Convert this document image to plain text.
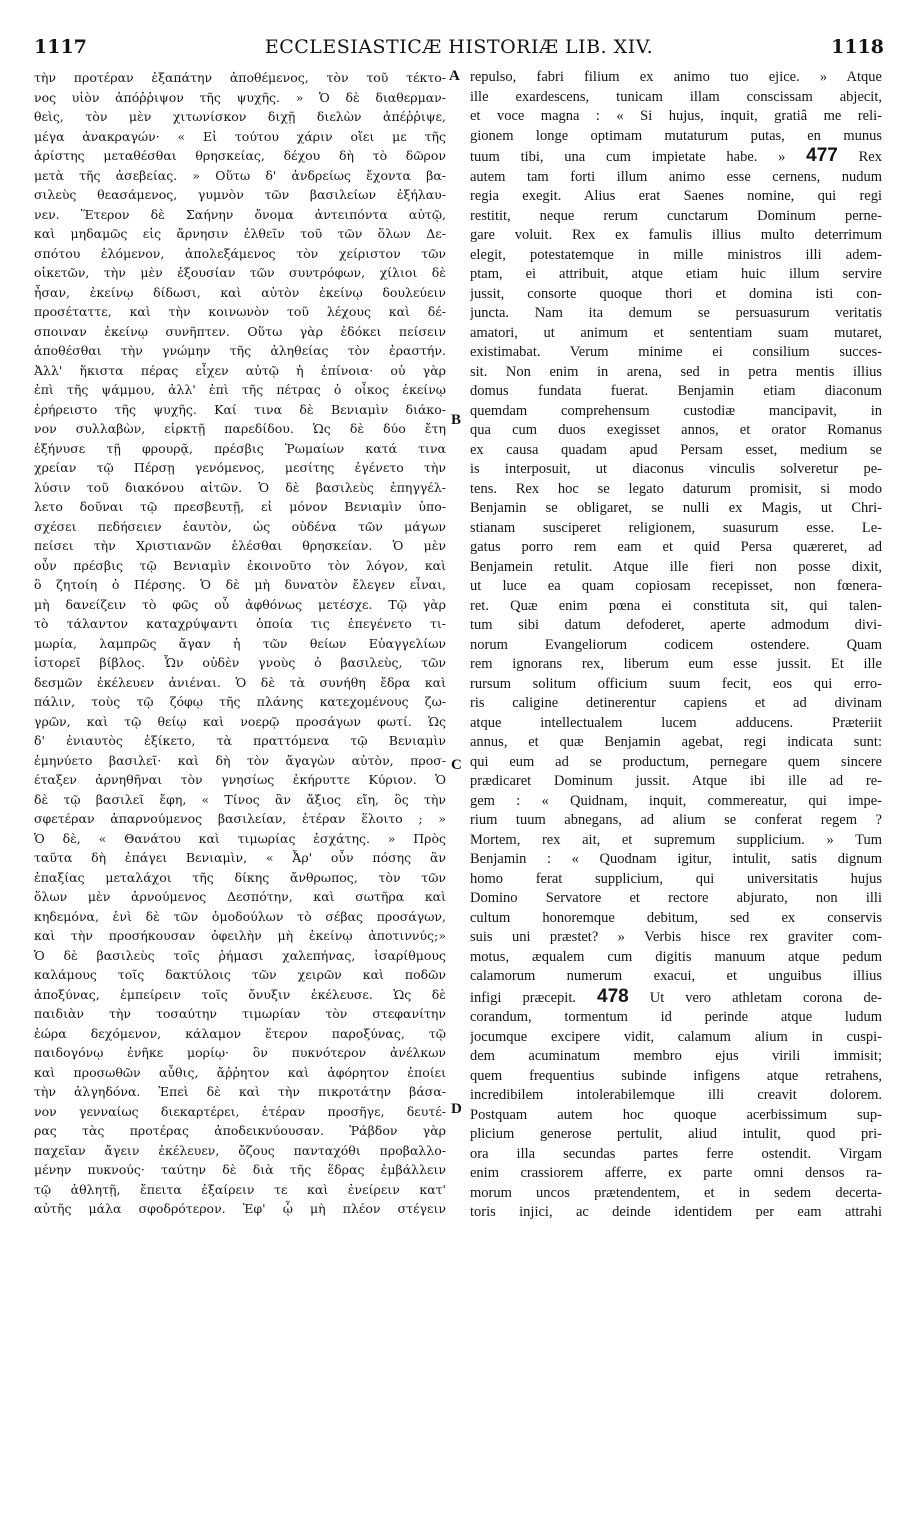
1117	ECCLESIASTICÆ HISTORIÆ LIB. XIV.	1118
τὴν προτέραν ἐξαπάτην ἀποθέμενος, τὸν τοῦ τέκτο-
νος υἱὸν ἀπόῤῥιψον τῆς ψυχῆς. » Ὁ δὲ διαθερμαν-
θεὶς, τὸν μὲν χιτωνίσκον διχῇ διελὼν ἀπέῤῥιψε,
μέγα ἀνακραγών· « Εἰ τούτου χάριν οἴει με τῆς
ἀρίστης μεταθέσθαι θρησκείας, δέχου δὴ τὸ δῶρον
μετὰ τῆς ἀσεβείας. » Οὕτω δ' ἀνδρείως ἔχοντα βα-
σιλεὺς θεασάμενος, γυμνὸν τῶν βασιλείων ἐξήλαυ-
νεν. Ἕτερον δὲ Σαήνην ὄνομα ἀντειπόντα αὐτῷ,
καὶ μηδαμῶς εἰς ἄρνησιν ἐλθεῖν τοῦ τῶν ὅλων Δε-
σπότου ἑλόμενον, ἀπολεξάμενος τὸν χείριστον τῶν
οἰκετῶν, τὴν μὲν ἐξουσίαν τῶν συντρόφων, χίλιοι δὲ
ἦσαν, ἐκείνῳ δίδωσι, καὶ αὐτὸν ἐκείνῳ δουλεύειν
προσέταττε, καὶ τὴν κοινωνὸν τοῦ λέχους καὶ δέ-
σποιναν ἐκείνῳ συνῆπτεν. Οὕτω γὰρ ἐδόκει πείσειν
ἀποθέσθαι τὴν γνώμην τῆς ἀληθείας τὸν ἐραστήν.
Ἀλλ' ἥκιστα πέρας εἶχεν αὐτῷ ἡ ἐπίνοια· οὐ γὰρ
ἐπὶ τῆς ψάμμου, ἀλλ' ἐπὶ τῆς πέτρας ὁ οἶκος ἐκείνῳ
ἐρήρειστο τῆς ψυχῆς. Καί τινα δὲ Βενιαμὶν διάκο-
νον συλλαβὼν, εἱρκτῇ παρεδίδου. Ὡς δὲ δύο ἔτη
ἐξήνυσε τῇ φρουρᾷ, πρέσβις Ῥωμαίων κατά τινα
χρείαν τῷ Πέρσῃ γενόμενος, μεσίτης ἐγένετο τὴν
λύσιν τοῦ διακόνου αἰτῶν. Ὁ δὲ βασιλεὺς ἐπηγγέλ-
λετο δοῦναι τῷ πρεσβευτῇ, εἰ μόνον Βενιαμὶν ὑπο-
σχέσει πεδήσειεν ἑαυτὸν, ὡς οὐδένα τῶν μάγων
πείσει τὴν Χριστιανῶν ἑλέσθαι θρησκείαν. Ὁ μὲν
οὖν πρέσβις τῷ Βενιαμὶν ἐκοινοῦτο τὸν λόγον, καὶ
ὃ ζητοίη ὁ Πέρσης. Ὁ δὲ μὴ δυνατὸν ἔλεγεν εἶναι,
μὴ δανείζειν τὸ φῶς οὗ ἀφθόνως μετέσχε. Τῷ γὰρ
τὸ τάλαντον καταχρύψαντι ὁποία τις ἐπεγένετο τι-
μωρία, λαμπρῶς ἄγαν ἡ τῶν θείων Εὐαγγελίων
ἱστορεῖ βίβλος. Ὧν οὐδὲν γνοὺς ὁ βασιλεὺς, τῶν
δεσμῶν ἐκέλευεν ἀνιέναι. Ὁ δὲ τὰ συνήθη ἔδρα καὶ
πάλιν, τοὺς τῷ ζόφῳ τῆς πλάνης κατεχομένους ζω-
γρῶν, καὶ τῷ θείῳ καὶ νοερῷ προσάγων φωτί. Ὡς
δ' ἐνιαυτὸς ἐξίκετο, τὰ πραττόμενα τῷ Βενιαμὶν
ἐμηνύετο βασιλεῖ· καὶ δὴ τὸν ἄγαγὼν αὐτὸν, προσ-
έταξεν ἀρνηθῆναι τὸν γνησίως ἐκήρυττε Κύριον. Ὁ
δὲ τῷ βασιλεῖ ἔφη, « Τίνος ἂν ἄξιος εἴη, ὃς τὴν
σφετέραν ἀπαρνούμενος βασιλείαν, ἑτέραν ἕλοιτο ; »
Ὁ δὲ, « Θανάτου καὶ τιμωρίας ἐσχάτης. » Πρὸς
ταῦτα δὴ ἐπάγει Βενιαμὶν, « Ἆρ' οὖν πόσης ἂν
ἐπαξίας μεταλάχοι τῆς δίκης ἄνθρωπος, τὸν τῶν
ὅλων μὲν ἀρνούμενος Δεσπότην, καὶ σωτῆρα καὶ
κηδεμόνα, ἑνὶ δὲ τῶν ὁμοδούλων τὸ σέβας προσάγων,
καὶ τὴν προσήκουσαν ὀφειλὴν μὴ ἐκείνῳ ἀποτιννύς;»
Ὁ δὲ βασιλεὺς τοῖς ῥήμασι χαλεπήνας, ἰσαρίθμους
καλάμους τοῖς δακτύλοις τῶν χειρῶν καὶ ποδῶν
ἀποξύνας, ἐμπείρειν τοῖς ὄνυξιν ἐκέλευσε. Ὡς δὲ
παιδιὰν τὴν τοσαύτην τιμωρίαν τὸν στεφανίτην
ἑώρα δεχόμενον, κάλαμον ἕτερον παροξύνας, τῷ
παιδογόνῳ ἐνῆκε μορίῳ· ὃν πυκνότερον ἀνέλκων
καὶ προσωθῶν αὖθις, ἄῤῥητον καὶ ἀφόρητον ἐποίει
τὴν ἀλγηδόνα. Ἐπεὶ δὲ καὶ τὴν πικροτάτην βάσα-
νον γενναίως διεκαρτέρει, ἑτέραν προσῆγε, δευτέ-
ρας τὰς προτέρας ἀποδεικνύουσαν. Ῥάβδον γὰρ
παχεῖαν ἄγειν ἐκέλευεν, ὄζους πανταχόθι προβαλλο-
μένην πυκνούς· ταύτην δὲ διὰ τῆς ἕδρας ἐμβάλλειν
τῷ ἀθλητῇ, ἔπειτα ἐξαίρειν τε καὶ ἐνείρειν κατ'
αὐτῆς μάλα σφοδρότερον. Ἐφ' ᾧ μὴ πλέον στέγειν
repulso, fabri filium ex animo tuo ejice. » Atque
ille exardescens, tunicam illam conscissam abjecit,
et voce magna : « Si hujus, inquit, gratiâ me reli-
gionem longe optimam mutaturum putas, en munus
tuum tibi, una cum impietate habe. » 477 Rex
autem tam forti illum animo esse cernens, nudum
regia exegit. Alius erat Saenes nomine, qui regi
restitit, neque rerum cunctarum Dominum perne-
gare voluit. Rex ex famulis illius multo deterrimum
elegit, potestatemque in mille ministros illi adem-
ptam, ei attribuit, atque etiam huic illum servire
jussit, consorte quoque thori et domina isti con-
juncta. Nam ita demum se persuasurum veritatis
amatori, ut animum et sententiam suam mutaret,
existimabat. Verum minime ei consilium succes-
sit. Non enim in arena, sed in petra mentis illius
domus fundata fuerat. Benjamin etiam diaconum
quemdam comprehensum custodiæ mancipavit, in
qua cum duos exegisset annos, et orator Romanus
ex causa quadam apud Persam esset, medium se
is interposuit, ut diaconus vinculis solveretur pe-
tens. Rex hoc se legato daturum promisit, si modo
Benjamin se obligaret, se nulli ex Magis, ut Chri-
stianam susciperet religionem, suasurum esse. Le-
gatus porro rem eam et quid Persa quæreret, ad
Benjamein retulit. Atque ille fieri non posse dixit,
ut luce ea quam copiosam recepisset, non fœnera-
ret. Quæ enim pœna ei constituta sit, qui talen-
tum sibi datum defoderet, aperte admodum divi-
norum Evangeliorum codicem ostendere. Quam
rem ignorans rex, liberum eum esse jussit. Et ille
rursum solitum officium suum fecit, eos qui erro-
ris caligine detinerentur capiens et ad divinam
atque intellectualem lucem adducens. Præteriit
annus, et quæ Benjamin agebat, regi indicata sunt:
qui eum ad se productum, pernegare quem sincere
prædicaret Dominum jussit. Atque ibi ille ad re-
gem : « Quidnam, inquit, commereatur, qui impe-
rium tuum abnegans, ad alium se conferat regem ?
Mortem, rex ait, et supremum supplicium. » Tum
Benjamin : « Quodnam igitur, intulit, satis dignum
homo ferat supplicium, qui universitatis hujus
Domino Servatore et rectore abjurato, non illi
cultum honoremque debitum, sed ex conservis
suis uni præstet? » Verbis hisce rex graviter com-
motus, æqualem cum digitis manuum atque pedum
calamorum numerum exacui, et unguibus illius
infigi præcepit. 478 Ut vero athletam corona de-
corandum, tormentum id perinde atque ludum
jocumque excipere vidit, calamum alium in cuspi-
dem acuminatum membro ejus virili immisit;
quem frequentius subinde infigens atque retrahens,
incredibilem intolerabilemque illi creavit dolorem.
Postquam autem hoc quoque acerbissimum sup-
plicium generose pertulit, aliud intulit, quod pri-
ora illa secundas partes ferre ostendit. Virgam
enim crassiorem afferre, ex parte omni densos ra-
morum uncos prætendentem, et in sedem decerta-
toris injici, ac deinde identidem per eam attrahi
A
B
C
D
